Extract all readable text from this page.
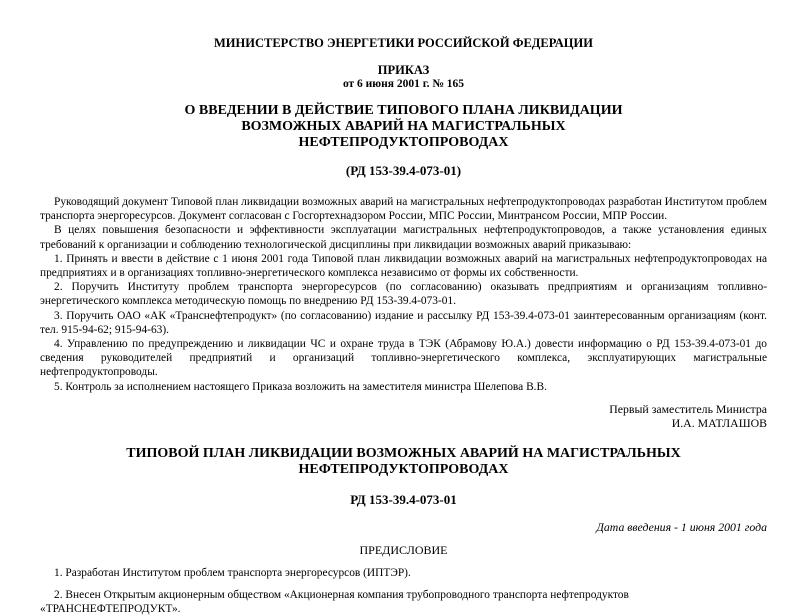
МИНИСТЕРСТВО ЭНЕРГЕТИКИ РОССИЙСКОЙ ФЕДЕРАЦИИ
ПРИКАЗ
от 6 июня 2001 г. № 165
О ВВЕДЕНИИ В ДЕЙСТВИЕ ТИПОВОГО ПЛАНА ЛИКВИДАЦИИ
ВОЗМОЖНЫХ АВАРИЙ НА МАГИСТРАЛЬНЫХ
НЕФТЕПРОДУКТОПРОВОДАХ
(РД 153-39.4-073-01)

Руководящий документ Типовой план ликвидации возможных аварий на магистральных нефтепродуктопроводах разработан Институтом проблем транспорта энергоресурсов. Документ согласован с Госгортехнадзором России, МПС России, Минтрансом России, МПР России.

В целях повышения безопасности и эффективности эксплуатации магистральных нефтепродуктопроводов, а также установления единых требований к организации и соблюдению технологической дисциплины при ликвидации возможных аварий приказываю:

1. Принять и ввести в действие с 1 июня 2001 года Типовой план ликвидации возможных аварий на магистральных нефтепродуктопроводах на предприятиях и в организациях топливно-энергетического комплекса независимо от формы их собственности.

2. Поручить Институту проблем транспорта энергоресурсов (по согласованию) оказывать предприятиям и организациям топливно-энергетического комплекса методическую помощь по внедрению РД 153-39.4-073-01.

3. Поручить ОАО «АК «Транснефтепродукт» (по согласованию) издание и рассылку РД 153-39.4-073-01 заинтересованным организациям (конт. тел. 915-94-62; 915-94-63).

4. Управлению по предупреждению и ликвидации ЧС и охране труда в ТЭК (Абрамову Ю.А.) довести информацию о РД 153-39.4-073-01 до сведения руководителей предприятий и организаций топливно-энергетического комплекса, эксплуатирующих магистральные нефтепродуктопроводы.

5. Контроль за исполнением настоящего Приказа возложить на заместителя министра Шелепова В.В.

Первый заместитель Министра
И.А. МАТЛАШОВ
ТИПОВОЙ ПЛАН ЛИКВИДАЦИИ ВОЗМОЖНЫХ АВАРИЙ НА МАГИСТРАЛЬНЫХ НЕФТЕПРОДУКТОПРОВОДАХ
РД 153-39.4-073-01
Дата введения - 1 июня 2001 года
ПРЕДИСЛОВИЕ

1. Разработан Институтом проблем транспорта энергоресурсов (ИПТЭР).

2. Внесен Открытым акционерным обществом «Акционерная компания трубопроводного транспорта нефтепродуктов «ТРАНСНЕФТЕПРОДУКТ».
